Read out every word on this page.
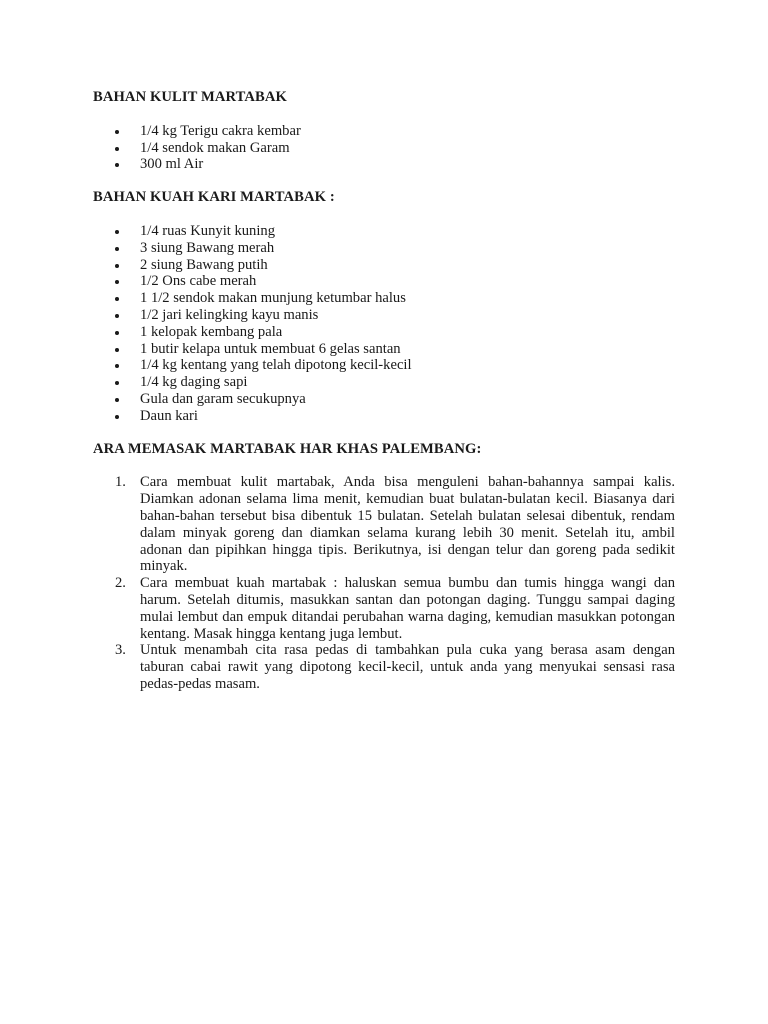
BAHAN KULIT MARTABAK
1/4 kg Terigu cakra kembar
1/4 sendok makan Garam
300 ml Air
BAHAN KUAH KARI MARTABAK :
1/4 ruas Kunyit kuning
3 siung Bawang merah
2 siung Bawang putih
1/2 Ons cabe merah
1 1/2 sendok makan munjung ketumbar halus
1/2 jari kelingking kayu manis
1 kelopak kembang pala
1 butir kelapa untuk membuat 6 gelas santan
1/4 kg kentang yang telah dipotong kecil-kecil
1/4 kg daging sapi
Gula dan garam secukupnya
Daun kari
ARA MEMASAK MARTABAK HAR KHAS PALEMBANG:
1. Cara membuat kulit martabak, Anda bisa menguleni bahan-bahannya sampai kalis. Diamkan adonan selama lima menit, kemudian buat bulatan-bulatan kecil. Biasanya dari bahan-bahan tersebut bisa dibentuk 15 bulatan. Setelah bulatan selesai dibentuk, rendam dalam minyak goreng dan diamkan selama kurang lebih 30 menit. Setelah itu, ambil adonan dan pipihkan hingga tipis. Berikutnya, isi dengan telur dan goreng pada sedikit minyak.
2. Cara membuat kuah martabak : haluskan semua bumbu dan tumis hingga wangi dan harum. Setelah ditumis, masukkan santan dan potongan daging. Tunggu sampai daging mulai lembut dan empuk ditandai perubahan warna daging, kemudian masukkan potongan kentang. Masak hingga kentang juga lembut.
3. Untuk menambah cita rasa pedas di tambahkan pula cuka yang berasa asam dengan taburan cabai rawit yang dipotong kecil-kecil, untuk anda yang menyukai sensasi rasa pedas-pedas masam.
